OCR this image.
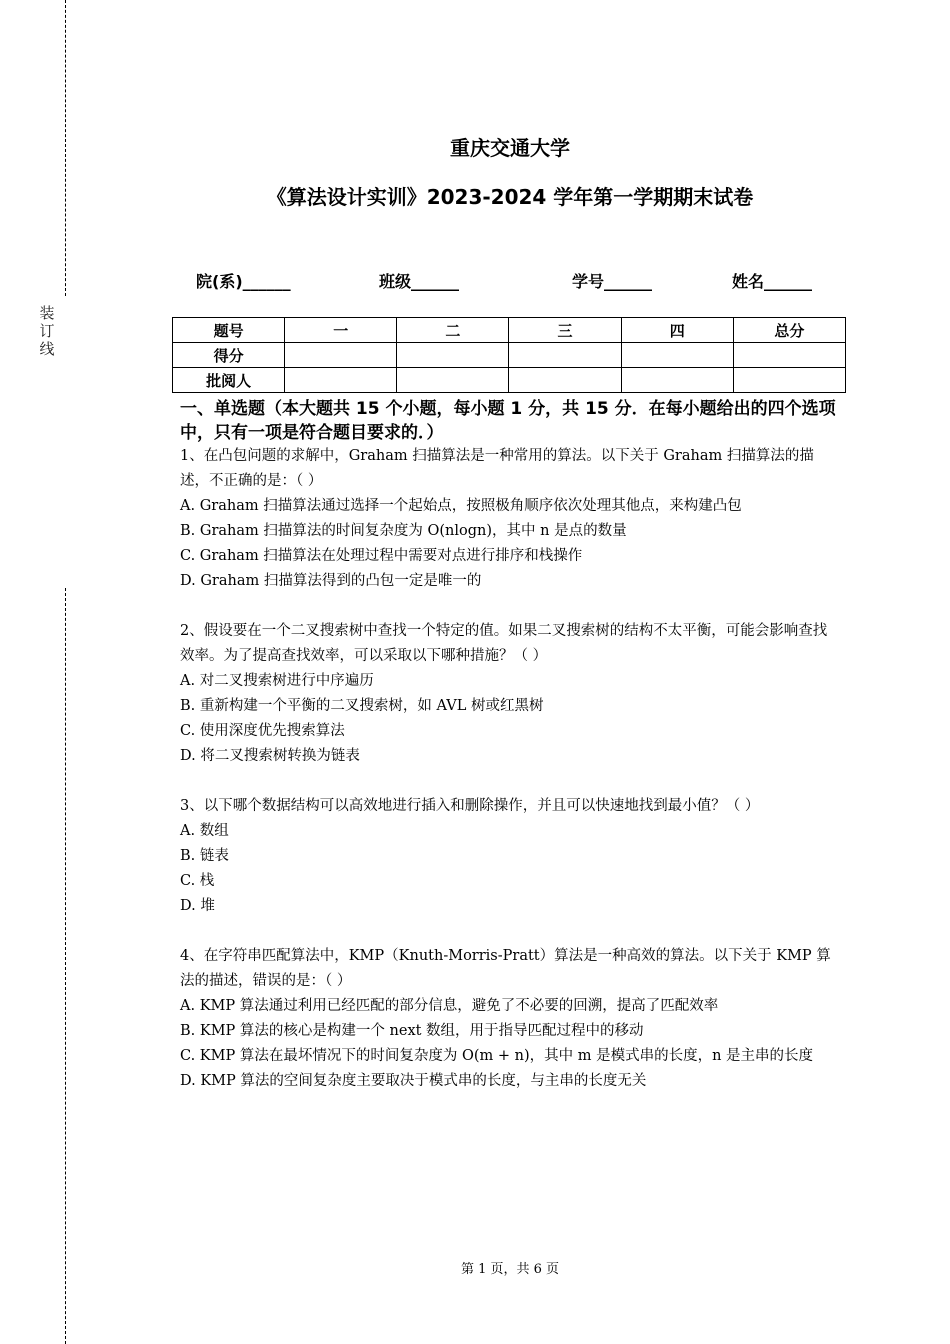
装订线
重庆交通大学
《算法设计实训》2023-2024 学年第一学期期末试卷
院(系)______	班级______	学号______	姓名______
题号	一	二	三	四	总分
得分					
批阅人					
一、单选题（本大题共 15 个小题，每小题 1 分，共 15 分．在每小题给出的四个选项中，只有一项是符合题目要求的．）

1、在凸包问题的求解中，Graham 扫描算法是一种常用的算法。以下关于 Graham 扫描算法的描述，不正确的是：（ ）

A. Graham 扫描算法通过选择一个起始点，按照极角顺序依次处理其他点，来构建凸包

B. Graham 扫描算法的时间复杂度为 O(nlogn)，其中 n 是点的数量

C. Graham 扫描算法在处理过程中需要对点进行排序和栈操作

D. Graham 扫描算法得到的凸包一定是唯一的

2、假设要在一个二叉搜索树中查找一个特定的值。如果二叉搜索树的结构不太平衡，可能会影响查找效率。为了提高查找效率，可以采取以下哪种措施？（ ）

A. 对二叉搜索树进行中序遍历

B. 重新构建一个平衡的二叉搜索树，如 AVL 树或红黑树

C. 使用深度优先搜索算法

D. 将二叉搜索树转换为链表

3、以下哪个数据结构可以高效地进行插入和删除操作，并且可以快速地找到最小值？（ ）

A. 数组

B. 链表

C. 栈

D. 堆

4、在字符串匹配算法中，KMP（Knuth-Morris-Pratt）算法是一种高效的算法。以下关于 KMP 算法的描述，错误的是：（ ）

A. KMP 算法通过利用已经匹配的部分信息，避免了不必要的回溯，提高了匹配效率

B. KMP 算法的核心是构建一个 next 数组，用于指导匹配过程中的移动

C. KMP 算法在最坏情况下的时间复杂度为 O(m + n)，其中 m 是模式串的长度，n 是主串的长度

D. KMP 算法的空间复杂度主要取决于模式串的长度，与主串的长度无关

第 1 页，共 6 页
